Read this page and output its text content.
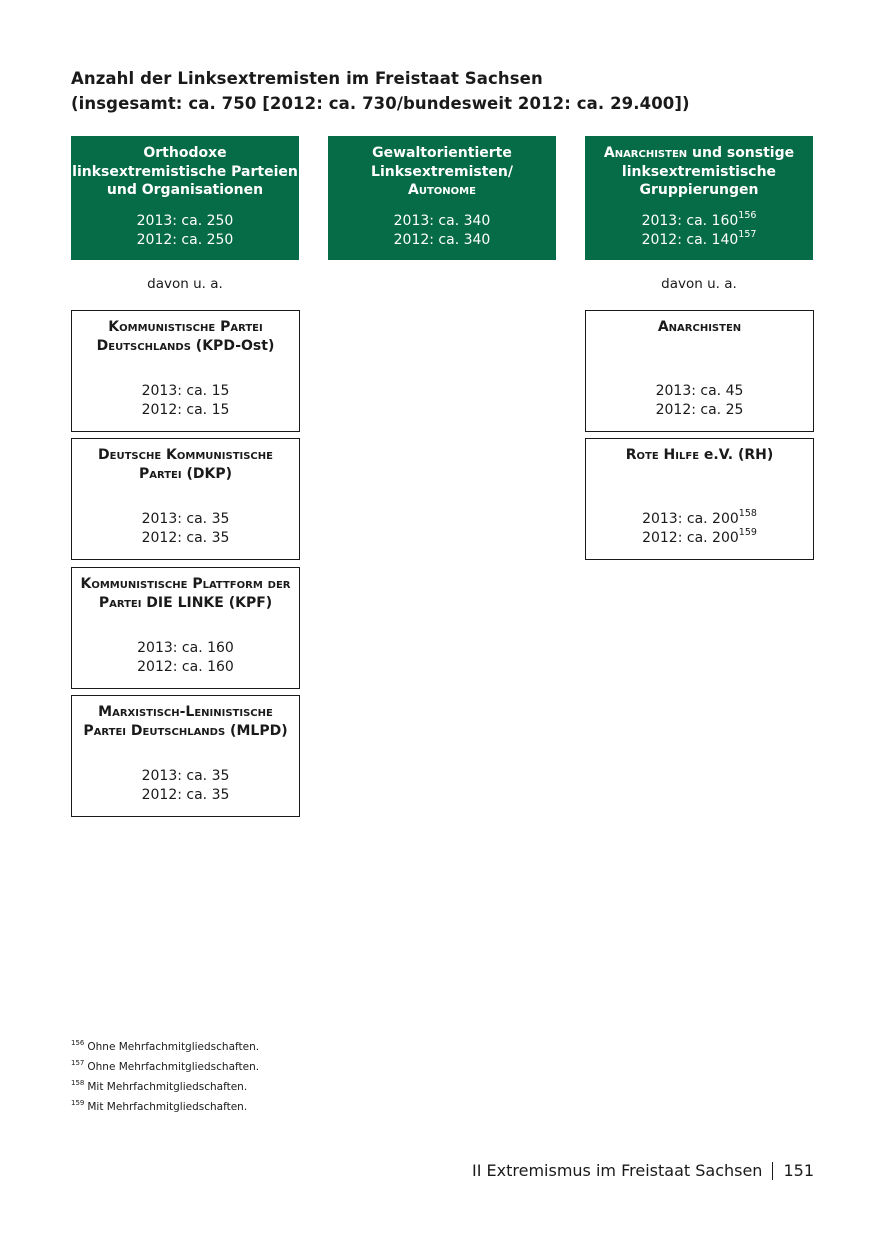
Anzahl der Linksextremisten im Freistaat Sachsen
(insgesamt: ca. 750 [2012: ca. 730/bundesweit 2012: ca. 29.400])
Orthodoxe
linksextremistische Parteien
und Organisationen
2013: ca. 250
2012: ca. 250
davon u. a.
Gewaltorientierte
Linksextremisten/
Autonome
2013: ca. 340
2012: ca. 340
Anarchisten und sonstige
linksextremistische
Gruppierungen
2013: ca. $160^{156}$
2012: ca. $140^{157}$
davon u. a.
Kommunistische Partei Deutschlands (KPD-Ost)
2013: ca. 15
2012: ca. 15
Deutsche Kommunistische Partei (DKP)
2013: ca. 35
2012: ca. 35
Kommunistische Plattform der Partei DIE LINKE (KPF)
2013: ca. 160
2012: ca. 160
Marxistisch-Leninistische Partei Deutschlands (MLPD)
2013: ca. 35
2012: ca. 35
Anarchisten
2013: ca. 45
2012: ca. 25
Rote Hilfe e.V. (RH)
2013: ca. $200^{158}$
2012: ca. $200^{159}$
$^{156}$ Ohne Mehrfachmitgliedschaften.
$^{157}$ Ohne Mehrfachmitgliedschaften.
$^{158}$ Mit Mehrfachmitgliedschaften.
$^{159}$ Mit Mehrfachmitgliedschaften.
II Extremismus im Freistaat Sachsen 151
